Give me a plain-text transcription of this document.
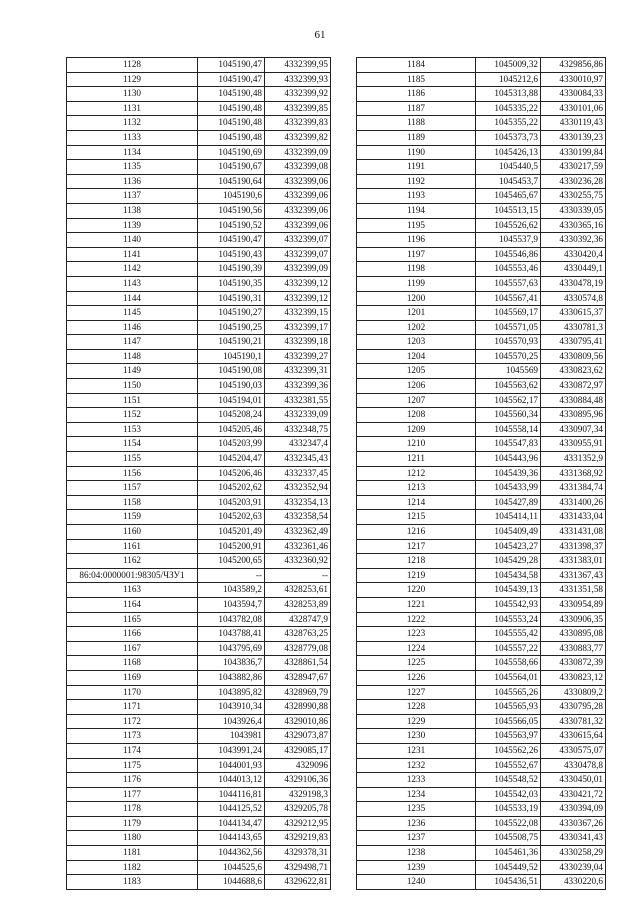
61
1128	1045190,47	4332399,95
1129	1045190,47	4332399,93
1130	1045190,48	4332399,92
1131	1045190,48	4332399,85
1132	1045190,48	4332399,83
1133	1045190,48	4332399,82
1134	1045190,69	4332399,09
1135	1045190,67	4332399,08
1136	1045190,64	4332399,06
1137	1045190,6	4332399,06
1138	1045190,56	4332399,06
1139	1045190,52	4332399,06
1140	1045190,47	4332399,07
1141	1045190,43	4332399,07
1142	1045190,39	4332399,09
1143	1045190,35	4332399,12
1144	1045190,31	4332399,12
1145	1045190,27	4332399,15
1146	1045190,25	4332399,17
1147	1045190,21	4332399,18
1148	1045190,1	4332399,27
1149	1045190,08	4332399,31
1150	1045190,03	4332399,36
1151	1045194,01	4332381,55
1152	1045208,24	4332339,09
1153	1045205,46	4332348,75
1154	1045203,99	4332347,4
1155	1045204,47	4332345,43
1156	1045206,46	4332337,45
1157	1045202,62	4332352,94
1158	1045203,91	4332354,13
1159	1045202,63	4332358,54
1160	1045201,49	4332362,49
1161	1045200,91	4332361,46
1162	1045200,65	4332360,92
86:04:0000001:98305/ЧЗУ1	--	--
1163	1043589,2	4328253,61
1164	1043594,7	4328253,89
1165	1043782,08	4328747,9
1166	1043788,41	4328763,25
1167	1043795,69	4328779,08
1168	1043836,7	4328861,54
1169	1043882,86	4328947,67
1170	1043895,82	4328969,79
1171	1043910,34	4328990,88
1172	1043926,4	4329010,86
1173	1043981	4329073,87
1174	1043991,24	4329085,17
1175	1044001,93	4329096
1176	1044013,12	4329106,36
1177	1044116,81	4329198,3
1178	1044125,52	4329205,78
1179	1044134,47	4329212,95
1180	1044143,65	4329219,83
1181	1044362,56	4329378,31
1182	1044525,6	4329498,71
1183	1044688,6	4329622,81
1184	1045009,32	4329856,86
1185	1045212,6	4330010,97
1186	1045313,88	4330084,33
1187	1045335,22	4330101,06
1188	1045355,22	4330119,43
1189	1045373,73	4330139,23
1190	1045426,13	4330199,84
1191	1045440,5	4330217,59
1192	1045453,7	4330236,28
1193	1045465,67	4330255,75
1194	1045513,15	4330339,05
1195	1045526,62	4330365,16
1196	1045537,9	4330392,36
1197	1045546,86	4330420,4
1198	1045553,46	4330449,1
1199	1045557,63	4330478,19
1200	1045567,41	4330574,8
1201	1045569,17	4330615,37
1202	1045571,05	4330781,3
1203	1045570,93	4330795,41
1204	1045570,25	4330809,56
1205	1045569	4330823,62
1206	1045563,62	4330872,97
1207	1045562,17	4330884,48
1208	1045560,34	4330895,96
1209	1045558,14	4330907,34
1210	1045547,83	4330955,91
1211	1045443,96	4331352,9
1212	1045439,36	4331368,92
1213	1045433,99	4331384,74
1214	1045427,89	4331400,26
1215	1045414,11	4331433,04
1216	1045409,49	4331431,08
1217	1045423,27	4331398,37
1218	1045429,28	4331383,01
1219	1045434,58	4331367,43
1220	1045439,13	4331351,58
1221	1045542,93	4330954,89
1222	1045553,24	4330906,35
1223	1045555,42	4330895,08
1224	1045557,22	4330883,77
1225	1045558,66	4330872,39
1226	1045564,01	4330823,12
1227	1045565,26	4330809,2
1228	1045565,93	4330795,28
1229	1045566,05	4330781,32
1230	1045563,97	4330615,64
1231	1045562,26	4330575,07
1232	1045552,67	4330478,8
1233	1045548,52	4330450,01
1234	1045542,03	4330421,72
1235	1045533,19	4330394,09
1236	1045522,08	4330367,26
1237	1045508,75	4330341,43
1238	1045461,36	4330258,29
1239	1045449,52	4330239,04
1240	1045436,51	4330220,6
